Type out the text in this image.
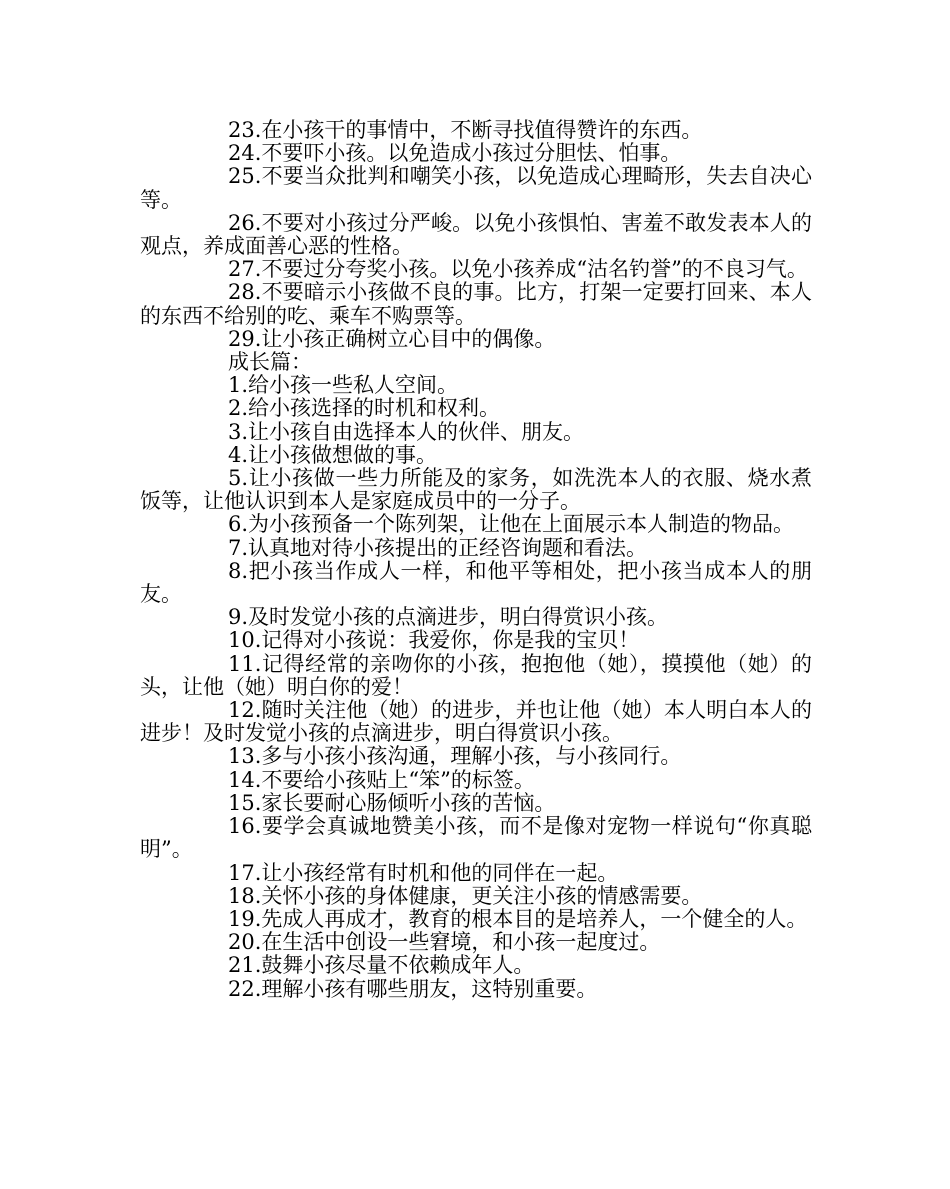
23.在小孩干的事情中，不断寻找值得赞许的东西。

24.不要吓小孩。以免造成小孩过分胆怯、怕事。

25.不要当众批判和嘲笑小孩，以免造成心理畸形，失去自决心等。

26.不要对小孩过分严峻。以免小孩惧怕、害羞不敢发表本人的观点，养成面善心恶的性格。

27.不要过分夸奖小孩。以免小孩养成“沽名钓誉”的不良习气。

28.不要暗示小孩做不良的事。比方，打架一定要打回来、本人的东西不给别的吃、乘车不购票等。

29.让小孩正确树立心目中的偶像。

成长篇：

1.给小孩一些私人空间。

2.给小孩选择的时机和权利。

3.让小孩自由选择本人的伙伴、朋友。

4.让小孩做想做的事。

5.让小孩做一些力所能及的家务，如洗洗本人的衣服、烧水煮饭等，让他认识到本人是家庭成员中的一分子。

6.为小孩预备一个陈列架，让他在上面展示本人制造的物品。

7.认真地对待小孩提出的正经咨询题和看法。

8.把小孩当作成人一样，和他平等相处，把小孩当成本人的朋友。

9.及时发觉小孩的点滴进步，明白得赏识小孩。

10.记得对小孩说：我爱你，你是我的宝贝！

11.记得经常的亲吻你的小孩，抱抱他（她），摸摸他（她）的头，让他（她）明白你的爱！

12.随时关注他（她）的进步，并也让他（她）本人明白本人的进步！及时发觉小孩的点滴进步，明白得赏识小孩。

13.多与小孩小孩沟通，理解小孩，与小孩同行。

14.不要给小孩贴上“笨”的标签。

15.家长要耐心肠倾听小孩的苦恼。

16.要学会真诚地赞美小孩，而不是像对宠物一样说句“你真聪明”。

17.让小孩经常有时机和他的同伴在一起。

18.关怀小孩的身体健康，更关注小孩的情感需要。

19.先成人再成才，教育的根本目的是培养人，一个健全的人。

20.在生活中创设一些窘境，和小孩一起度过。

21.鼓舞小孩尽量不依赖成年人。

22.理解小孩有哪些朋友，这特别重要。
